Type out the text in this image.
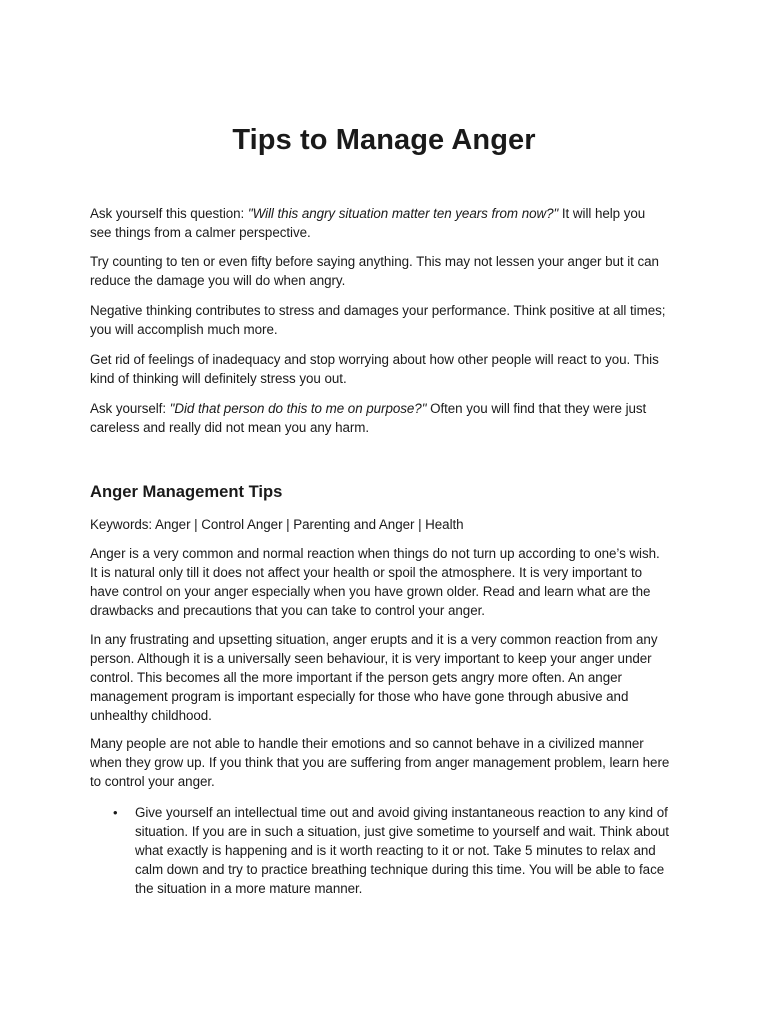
Tips to Manage Anger

Ask yourself this question: "Will this angry situation matter ten years from now?" It will help you see things from a calmer perspective.

Try counting to ten or even fifty before saying anything. This may not lessen your anger but it can reduce the damage you will do when angry.

Negative thinking contributes to stress and damages your performance. Think positive at all times; you will accomplish much more.

Get rid of feelings of inadequacy and stop worrying about how other people will react to you. This kind of thinking will definitely stress you out.

Ask yourself: "Did that person do this to me on purpose?" Often you will find that they were just careless and really did not mean you any harm.

Anger Management Tips

Keywords: Anger | Control Anger | Parenting and Anger | Health

Anger is a very common and normal reaction when things do not turn up according to one’s wish. It is natural only till it does not affect your health or spoil the atmosphere. It is very important to have control on your anger especially when you have grown older. Read and learn what are the drawbacks and precautions that you can take to control your anger.

In any frustrating and upsetting situation, anger erupts and it is a very common reaction from any person. Although it is a universally seen behaviour, it is very important to keep your anger under control. This becomes all the more important if the person gets angry more often. An anger management program is important especially for those who have gone through abusive and unhealthy childhood.

Many people are not able to handle their emotions and so cannot behave in a civilized manner when they grow up. If you think that you are suffering from anger management problem, learn here to control your anger.

• Give yourself an intellectual time out and avoid giving instantaneous reaction to any kind of situation. If you are in such a situation, just give sometime to yourself and wait. Think about what exactly is happening and is it worth reacting to it or not. Take 5 minutes to relax and calm down and try to practice breathing technique during this time. You will be able to face the situation in a more mature manner.
